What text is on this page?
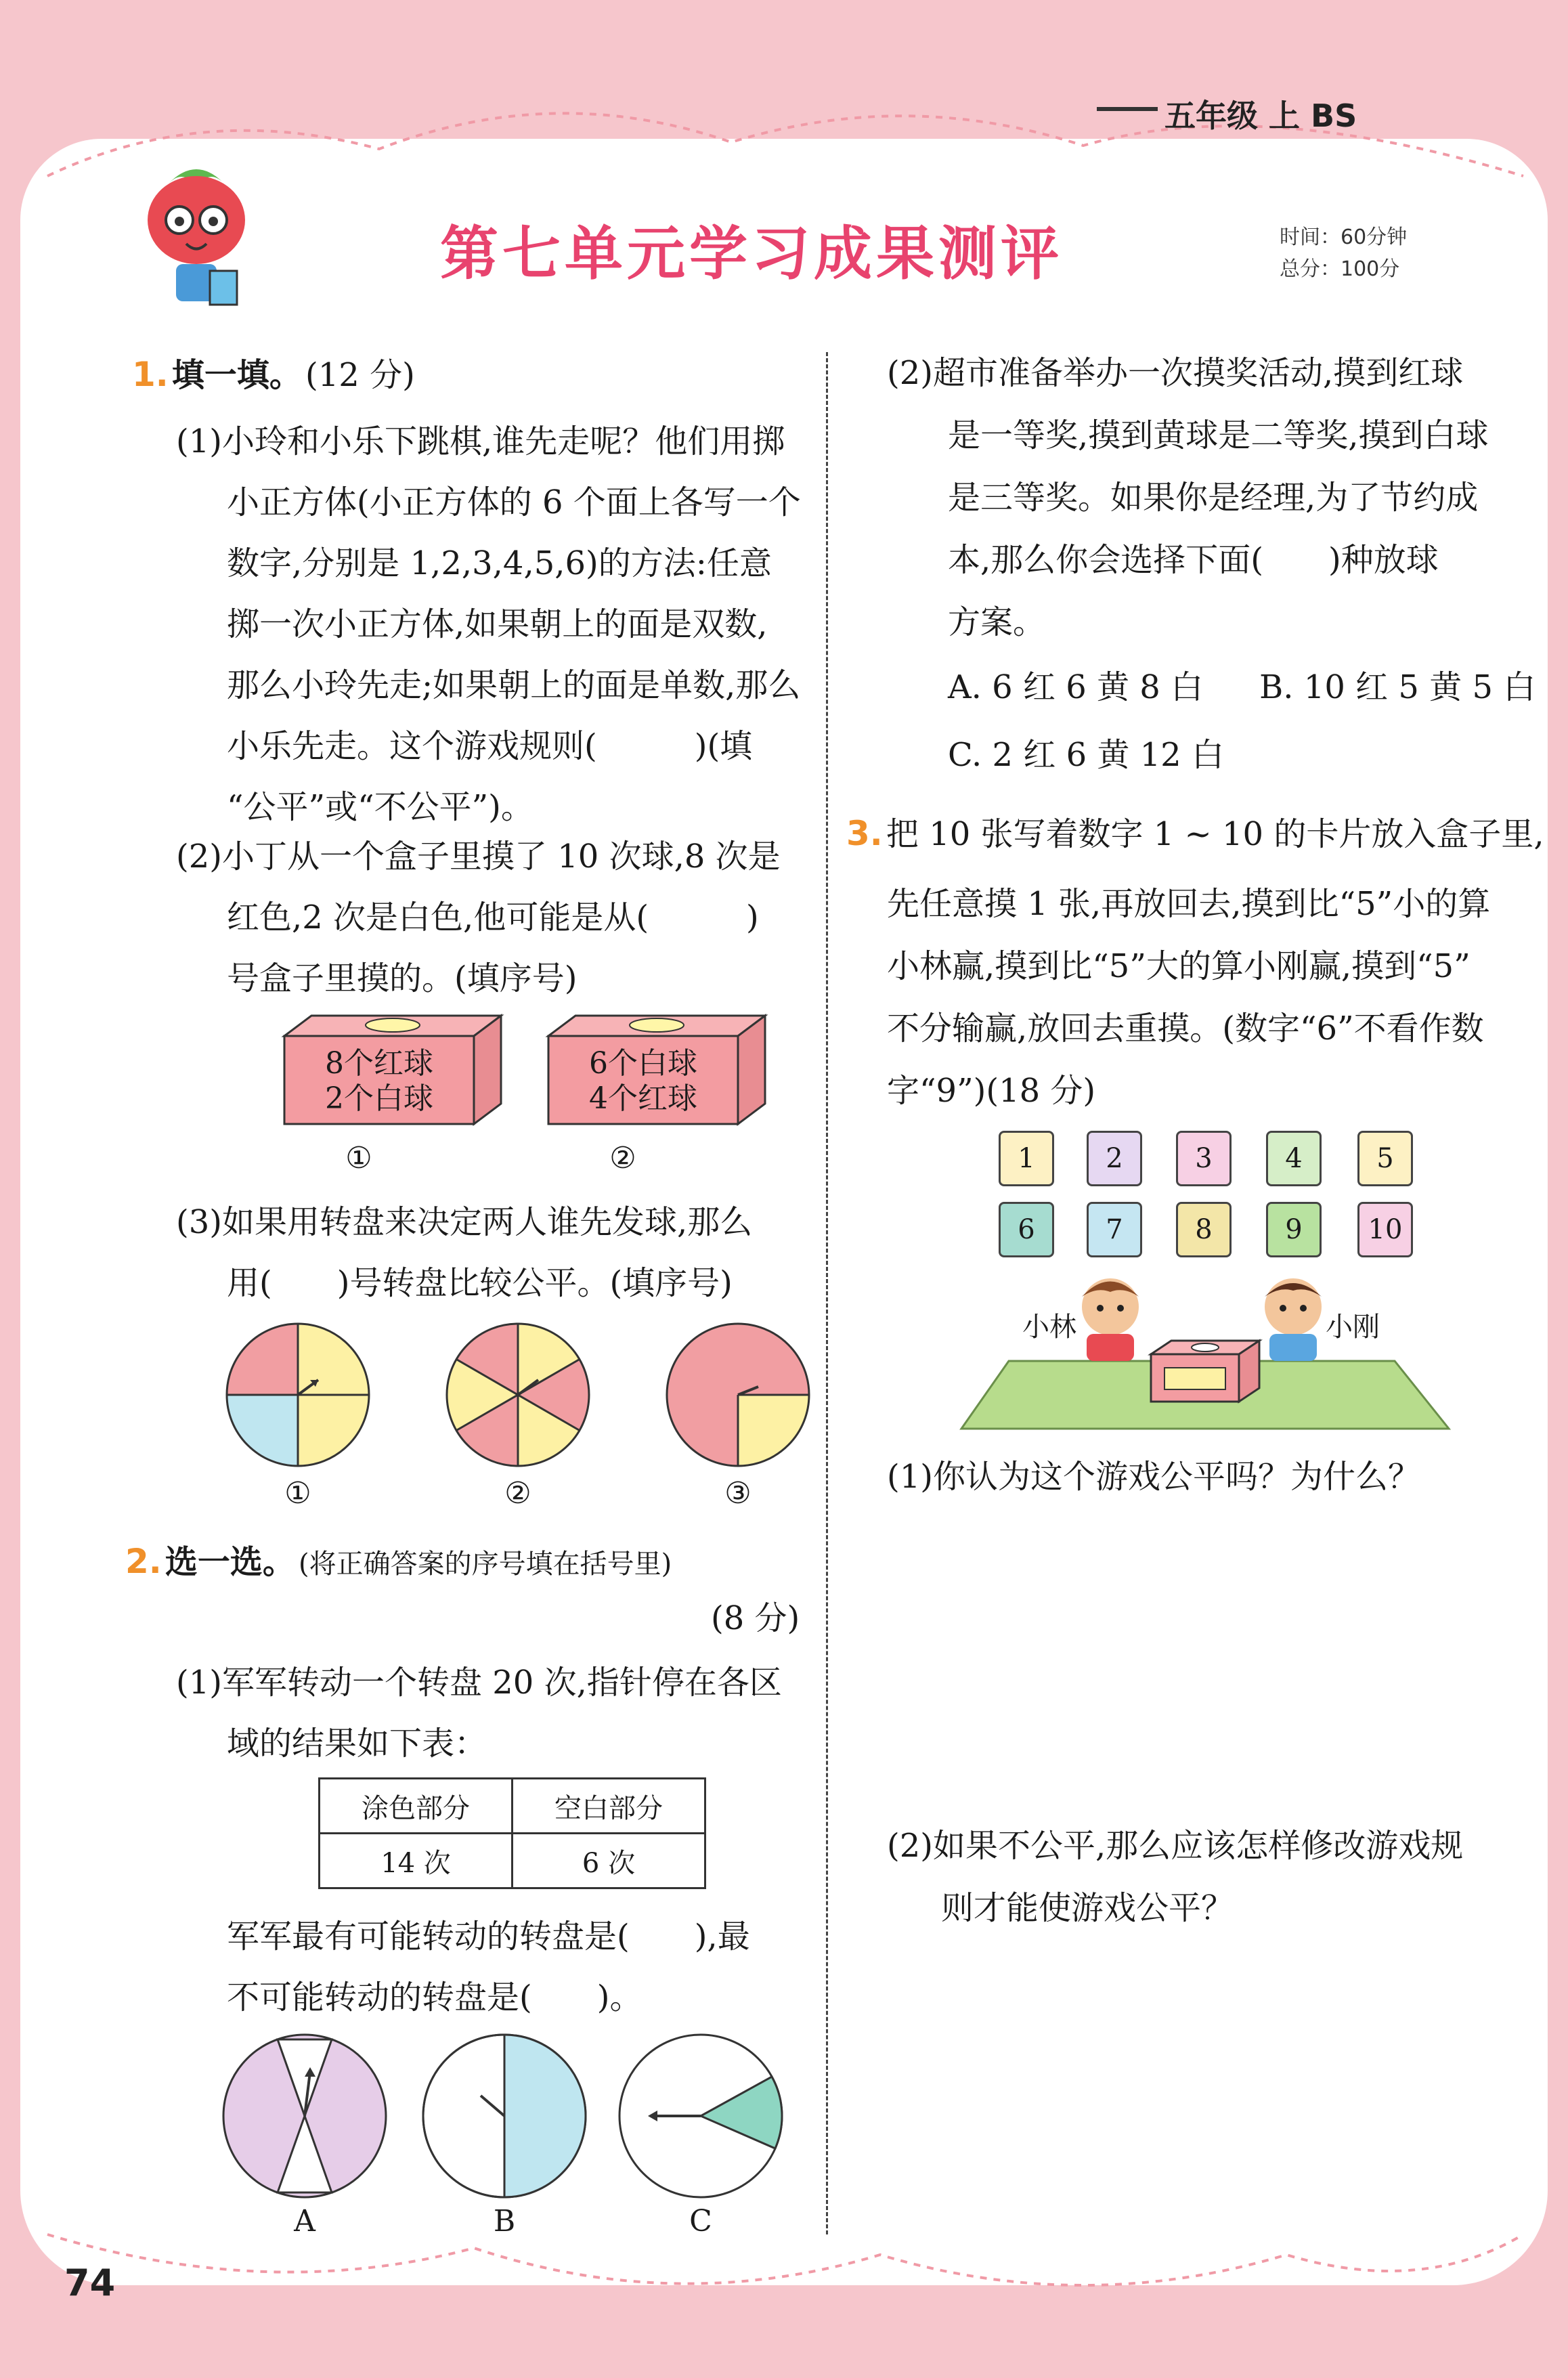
五年级 上 BS
第七单元学习成果测评	时间：60分钟
总分：100分
1. 填一填。 (12 分)
(1)小玲和小乐下跳棋,谁先走呢？他们用掷
小正方体(小正方体的 6 个面上各写一个
数字,分别是 1,2,3,4,5,6)的方法:任意
掷一次小正方体,如果朝上的面是双数,
那么小玲先走;如果朝上的面是单数,那么
小乐先走。这个游戏规则(　　　)(填
“公平”或“不公平”)。
(2)小丁从一个盒子里摸了 10 次球,8 次是
红色,2 次是白色,他可能是从(　　　)
号盒子里摸的。(填序号)
8个红球
2个白球
6个白球
4个红球
①	②
(3)如果用转盘来决定两人谁先发球,那么
用(　　)号转盘比较公平。(填序号)
①	②	③
2. 选一选。 (将正确答案的序号填在括号里)
(8 分)
(1)军军转动一个转盘 20 次,指针停在各区
域的结果如下表：
涂色部分	空白部分
14 次	6 次
军军最有可能转动的转盘是(　　),最
不可能转动的转盘是(　　)。
A	B	C
(2)超市准备举办一次摸奖活动,摸到红球
是一等奖,摸到黄球是二等奖,摸到白球
是三等奖。如果你是经理,为了节约成
本,那么你会选择下面(　　)种放球
方案。
A. 6 红 6 黄 8 白 B. 10 红 5 黄 5 白
C. 2 红 6 黄 12 白
3. 把 10 张写着数字 1 ~ 10 的卡片放入盒子里,
先任意摸 1 张,再放回去,摸到比“5”小的算
小林赢,摸到比“5”大的算小刚赢,摸到“5”
不分输赢,放回去重摸。(数字“6”不看作数
字“9”)(18 分)
1	2	3	4	5
6	7	8	9	10
小林	小刚
(1)你认为这个游戏公平吗？为什么？
(2)如果不公平,那么应该怎样修改游戏规
则才能使游戏公平？
74
